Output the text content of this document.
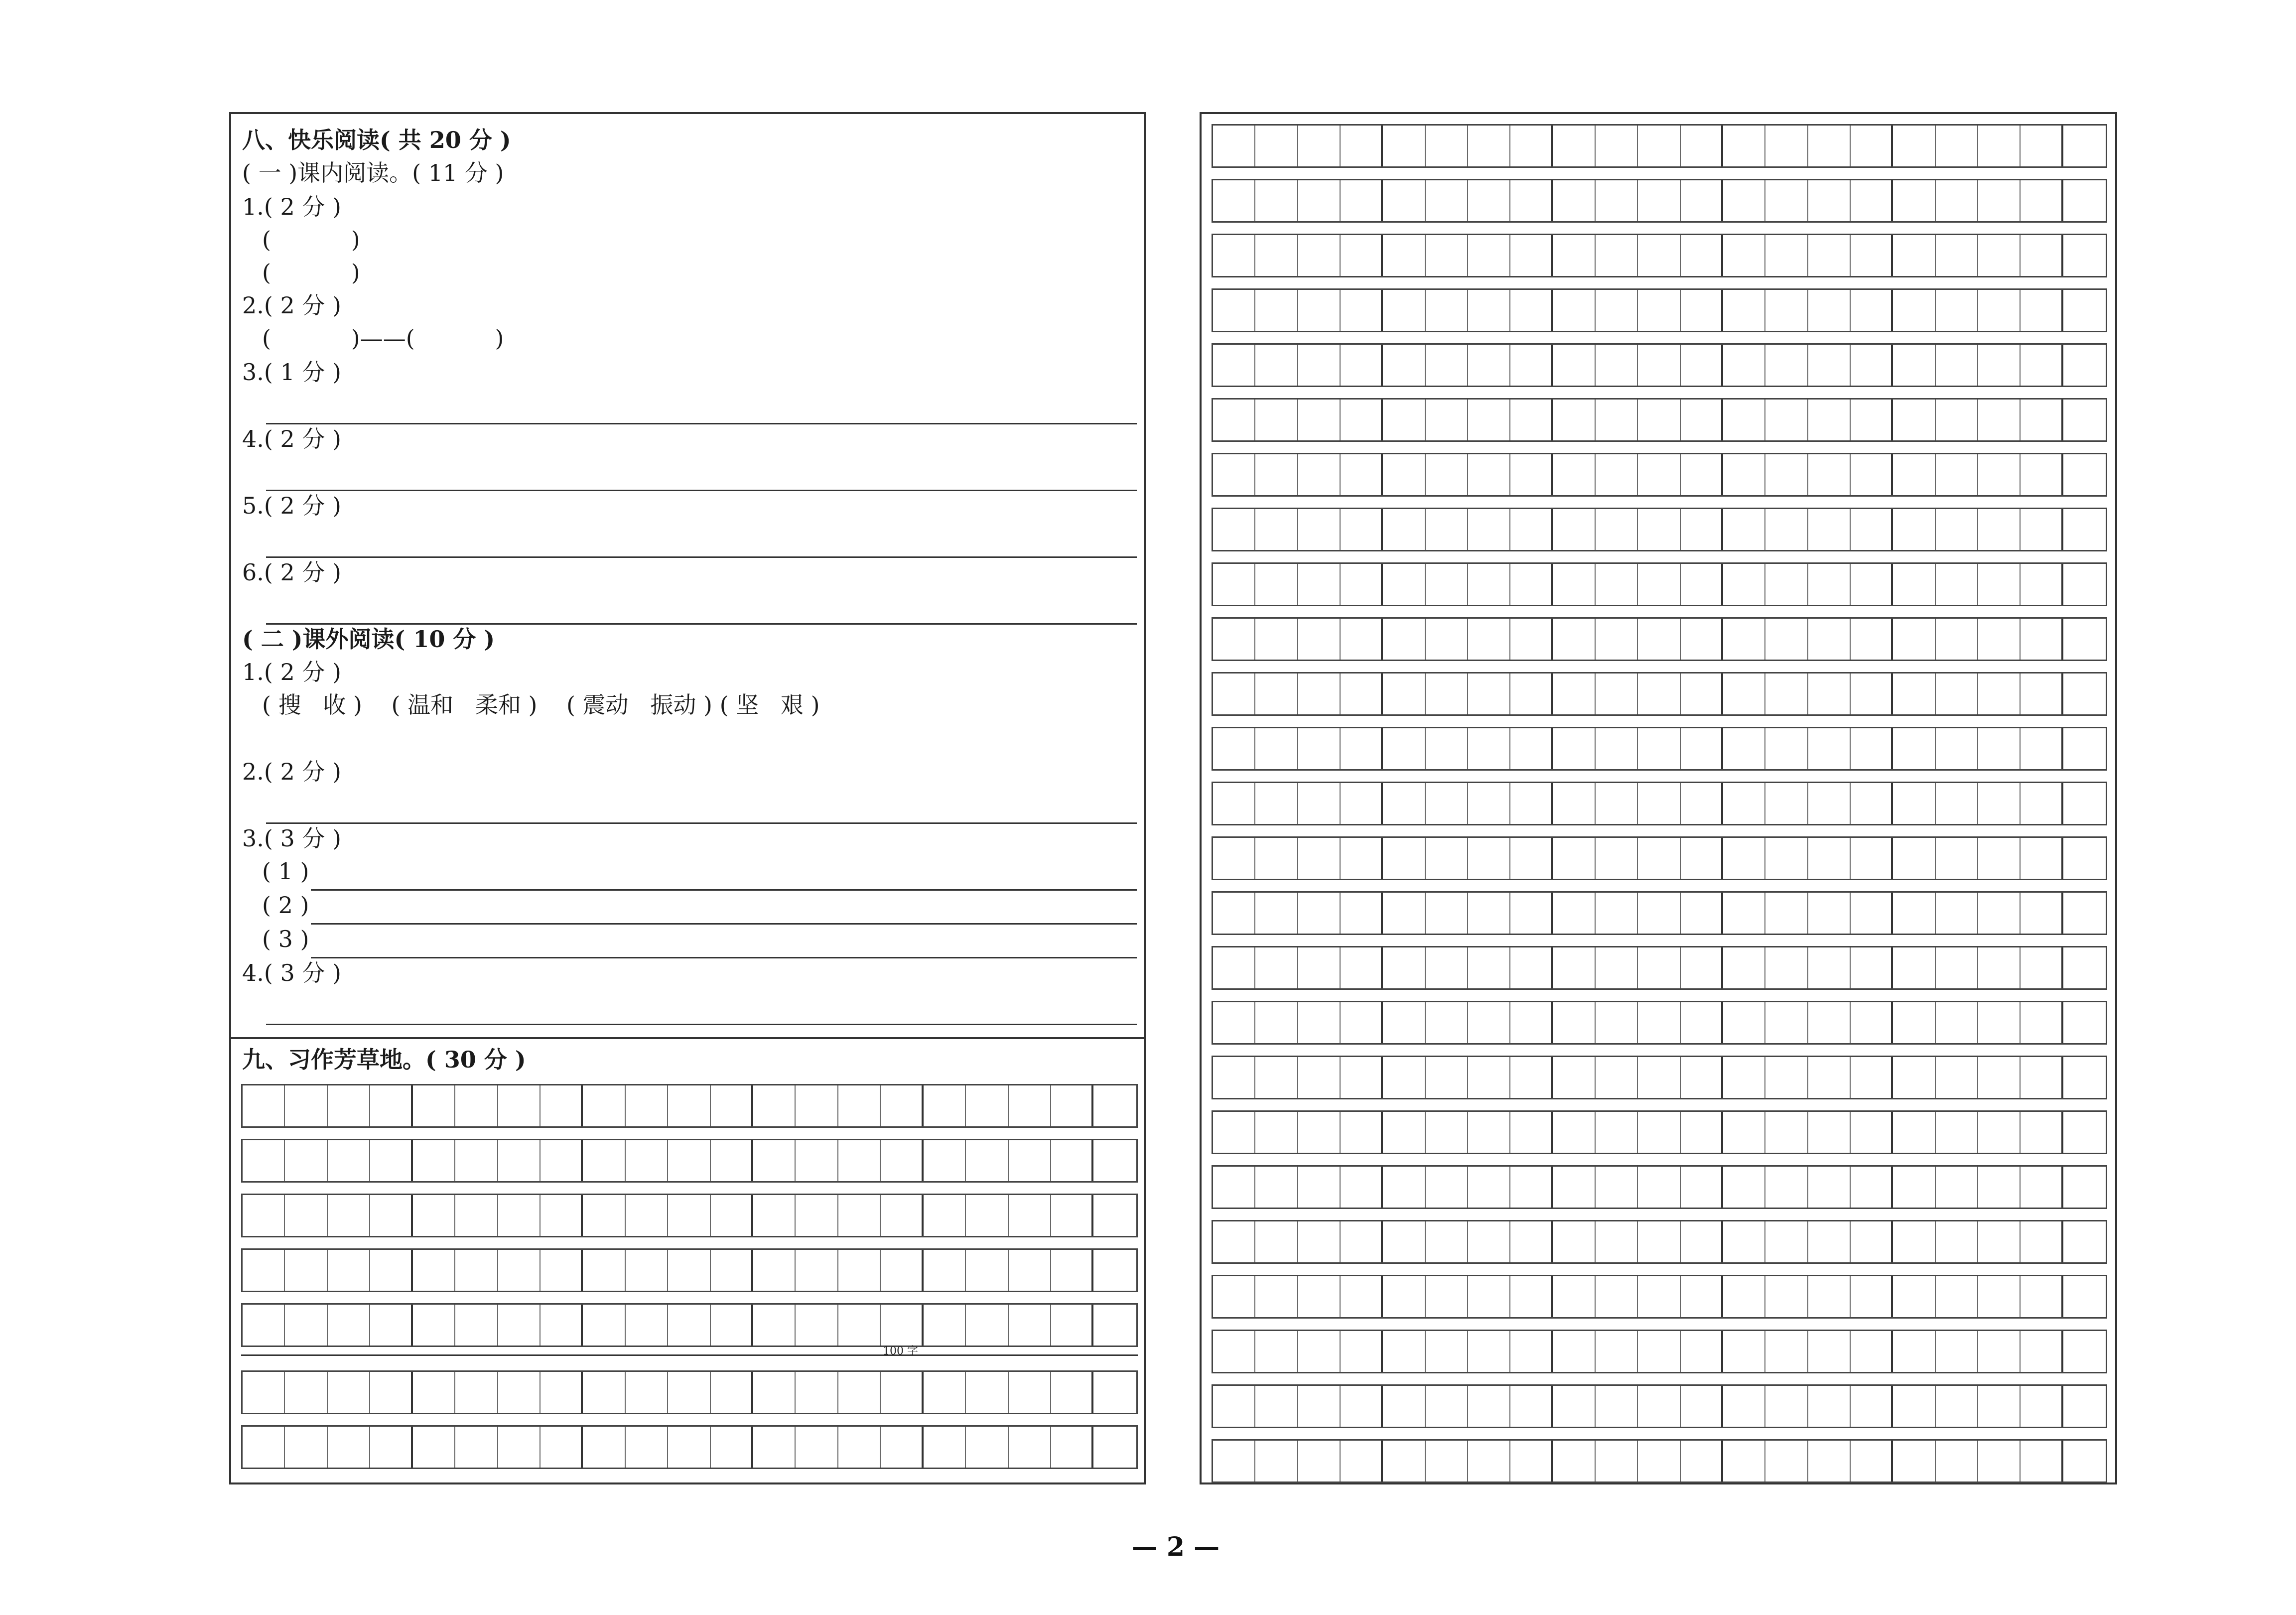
八、快乐阅读( 共 20 分 )
( 一 )课内阅读。( 11 分 )
1.( 2 分 )
(           )
(           )
2.( 2 分 )
(           )——(           )
3.( 1 分 )
4.( 2 分 )
5.( 2 分 )
6.( 2 分 )
( 二 )课外阅读( 10 分 )
1.( 2 分 )
( 搜   收 )    ( 温和   柔和 )    ( 震动   振动 ) ( 坚   艰 )
2.( 2 分 )
3.( 3 分 )
( 1 )
( 2 )
( 3 )
4.( 3 分 )
九、习作芳草地。( 30 分 )
100 字
— 2 —
